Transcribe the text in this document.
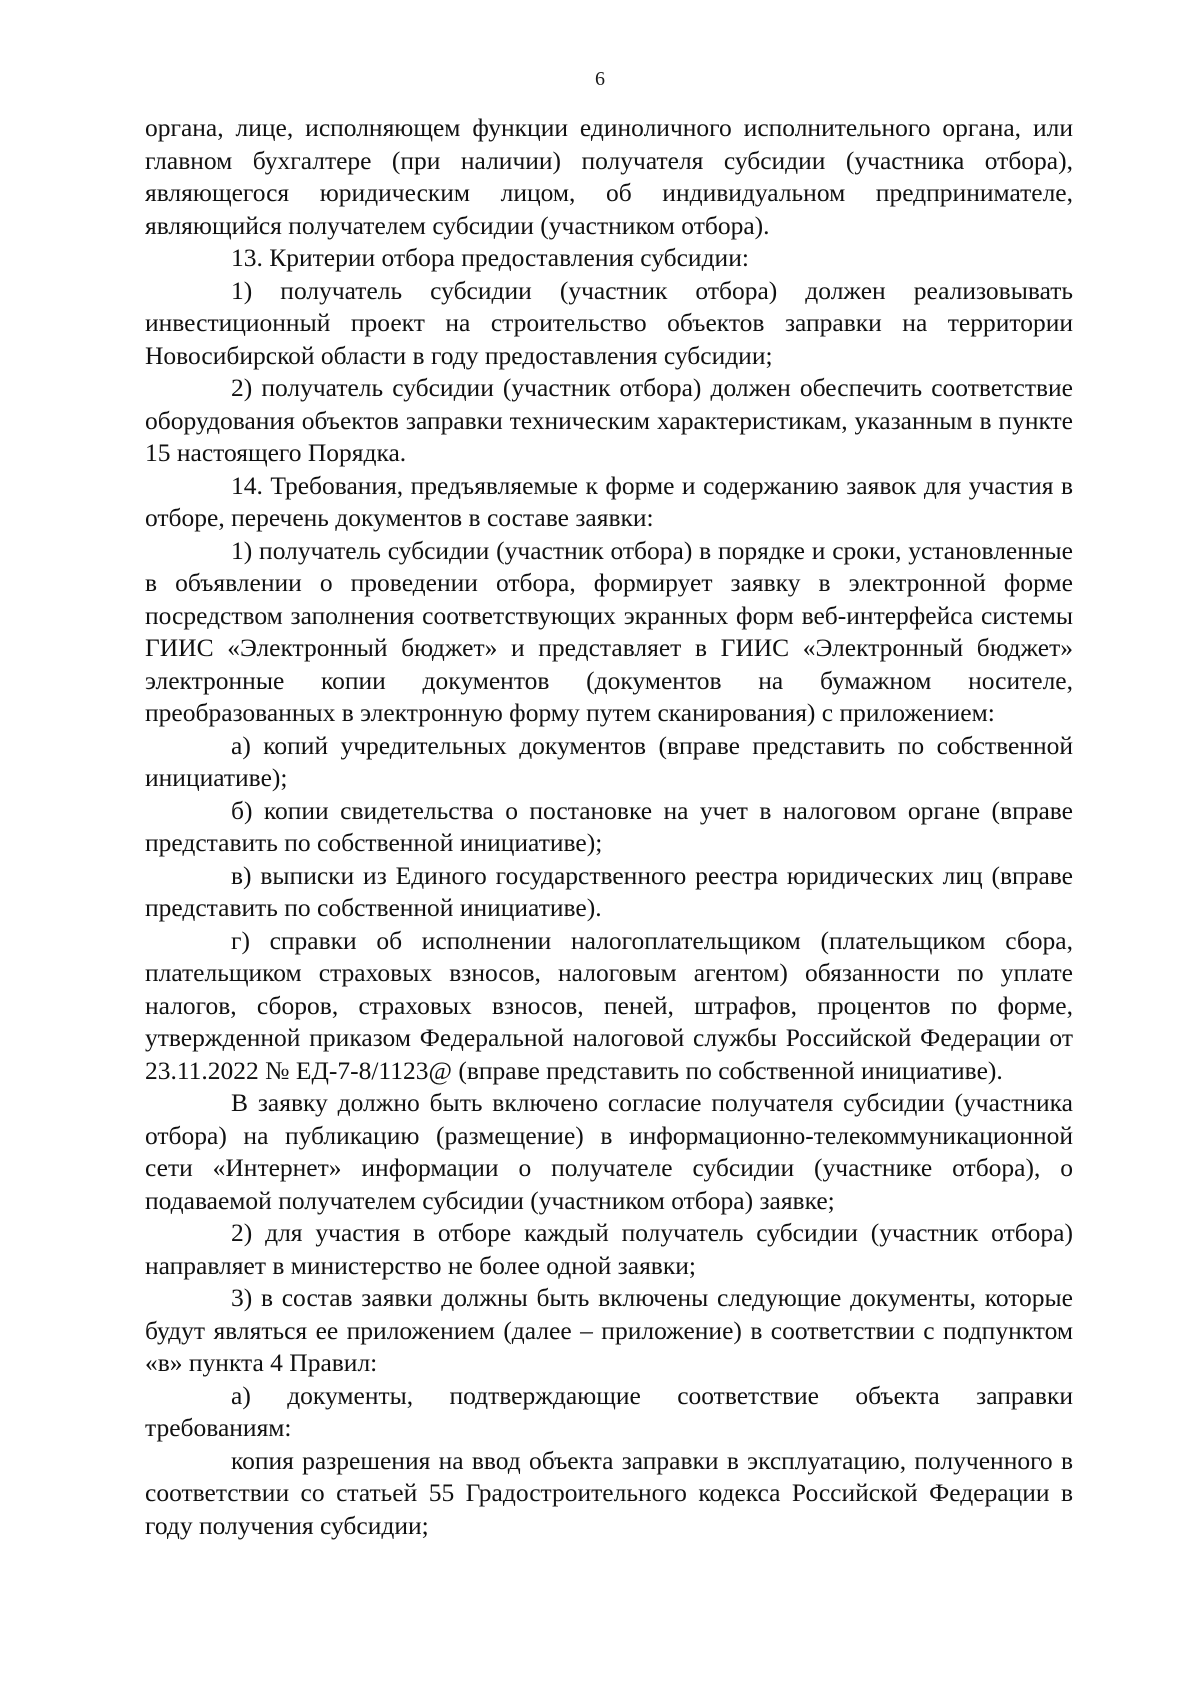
6

органа, лице, исполняющем функции единоличного исполнительного органа, или главном бухгалтере (при наличии) получателя субсидии (участника отбора), являющегося юридическим лицом, об индивидуальном предпринимателе, являющийся получателем субсидии (участником отбора).

13. Критерии отбора предоставления субсидии:

1) получатель субсидии (участник отбора) должен реализовывать инвестиционный проект на строительство объектов заправки на территории Новосибирской области в году предоставления субсидии;

2) получатель субсидии (участник отбора) должен обеспечить соответствие оборудования объектов заправки техническим характеристикам, указанным в пункте 15 настоящего Порядка.

14. Требования, предъявляемые к форме и содержанию заявок для участия в отборе, перечень документов в составе заявки:

1) получатель субсидии (участник отбора) в порядке и сроки, установленные в объявлении о проведении отбора, формирует заявку в электронной форме посредством заполнения соответствующих экранных форм веб-интерфейса системы ГИИС «Электронный бюджет» и представляет в ГИИС «Электронный бюджет» электронные копии документов (документов на бумажном носителе, преобразованных в электронную форму путем сканирования) с приложением:

а) копий учредительных документов (вправе представить по собственной инициативе);

б) копии свидетельства о постановке на учет в налоговом органе (вправе представить по собственной инициативе);

в) выписки из Единого государственного реестра юридических лиц (вправе представить по собственной инициативе).

г) справки об исполнении налогоплательщиком (плательщиком сбора, плательщиком страховых взносов, налоговым агентом) обязанности по уплате налогов, сборов, страховых взносов, пеней, штрафов, процентов по форме, утвержденной приказом Федеральной налоговой службы Российской Федерации от 23.11.2022 № ЕД-7-8/1123@ (вправе представить по собственной инициативе).

В заявку должно быть включено согласие получателя субсидии (участника отбора) на публикацию (размещение) в информационно-телекоммуникационной сети «Интернет» информации о получателе субсидии (участнике отбора), о подаваемой получателем субсидии (участником отбора) заявке;

2) для участия в отборе каждый получатель субсидии (участник отбора) направляет в министерство не более одной заявки;

3) в состав заявки должны быть включены следующие документы, которые будут являться ее приложением (далее – приложение) в соответствии с подпунктом «в» пункта 4 Правил:

а) документы, подтверждающие соответствие объекта заправки требованиям:

копия разрешения на ввод объекта заправки в эксплуатацию, полученного в соответствии со статьей 55 Градостроительного кодекса Российской Федерации в году получения субсидии;
